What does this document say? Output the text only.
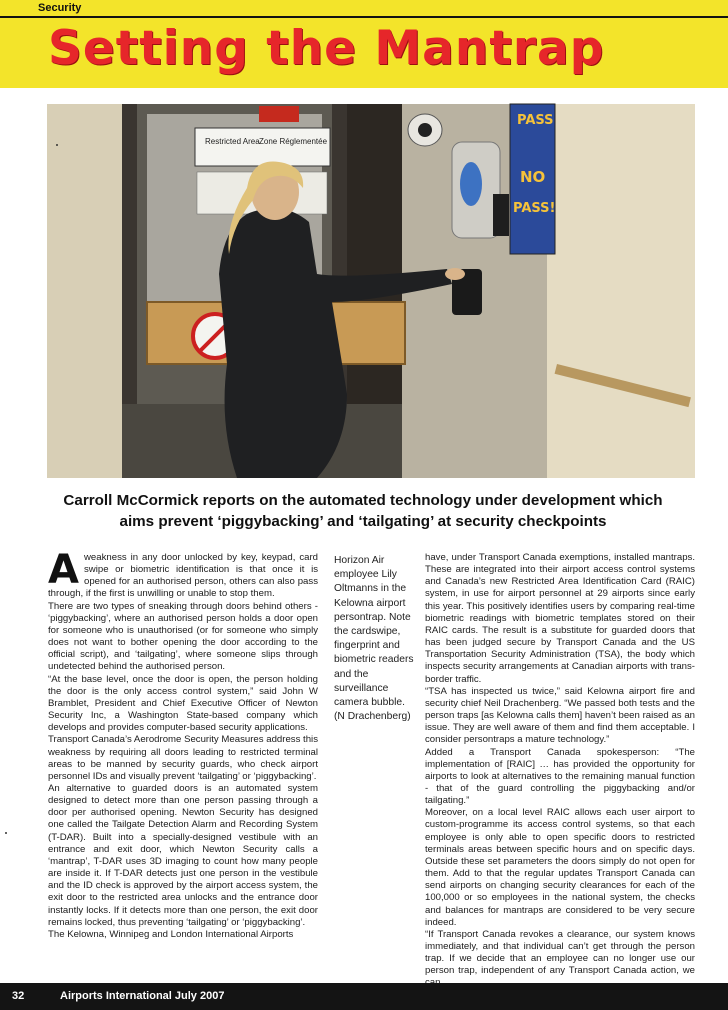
Security
Setting the Mantrap
Restricted Area Zone Réglementée
PASS
NO
PASS!

Carroll McCormick reports on the automated technology under development which aims prevent ‘piggybacking’ and ‘tailgating’ at security checkpoints

Aweakness in any door unlocked by key, keypad, card swipe or biometric identification is that once it is opened for an authorised person, others can also pass through, if the first is unwilling or unable to stop them.

There are two types of sneaking through doors behind others - ‘piggybacking’, where an authorised person holds a door open for someone who is unauthorised (or for someone who simply does not want to bother opening the door according to the official script), and ‘tailgating’, where someone slips through undetected behind the authorised person.

“At the base level, once the door is open, the person holding the door is the only access control system,” said John W Bramblet, President and Chief Executive Officer of Newton Security Inc, a Washington State-based company which develops and provides computer-based security applications.

Transport Canada’s Aerodrome Security Measures address this weakness by requiring all doors leading to restricted terminal areas to be manned by security guards, who check airport personnel IDs and visually prevent ‘tailgating’ or ‘piggybacking’.

An alternative to guarded doors is an automated system designed to detect more than one person passing through a door per authorised opening. Newton Security has designed one called the Tailgate Detection Alarm and Recording System (T-DAR). Built into a specially-designed vestibule with an entrance and exit door, which Newton Security calls a ‘mantrap’, T-DAR uses 3D imaging to count how many people are inside it. If T-DAR detects just one person in the vestibule and the ID check is approved by the airport access system, the exit door to the restricted area unlocks and the entrance door instantly locks. If it detects more than one person, the exit door remains locked, thus preventing ‘tailgating’ or ‘piggybacking’.

The Kelowna, Winnipeg and London International Airports

Horizon Air employee Lily Oltmanns in the Kelowna airport persontrap. Note the cardswipe, fingerprint and biometric readers and the surveillance camera bubble. (N Drachenberg)

have, under Transport Canada exemptions, installed mantraps. These are integrated into their airport access control systems and Canada’s new Restricted Area Identification Card (RAIC) system, in use for airport personnel at 29 airports since early this year. This positively identifies users by comparing real-time biometric readings with biometric templates stored on their RAIC cards. The result is a substitute for guarded doors that has been judged secure by Transport Canada and the US Transportation Security Administration (TSA), the body which inspects security arrangements at Canadian airports with trans-border traffic.

“TSA has inspected us twice,” said Kelowna airport fire and security chief Neil Drachenberg. “We passed both tests and the person traps [as Kelowna calls them] haven’t been raised as an issue. They are well aware of them and find them acceptable. I consider persontraps a mature technology.”

Added a Transport Canada spokesperson: “The implementation of [RAIC] … has provided the opportunity for airports to look at alternatives to the remaining manual function - that of the guard controlling the piggybacking and/or tailgating.”

Moreover, on a local level RAIC allows each user airport to custom-programme its access control systems, so that each employee is only able to open specific doors to restricted terminals areas between specific hours and on specific days. Outside these set parameters the doors simply do not open for them. Add to that the regular updates Transport Canada can send airports on changing security clearances for each of the 100,000 or so employees in the national system, the checks and balances for mantraps are considered to be very secure indeed.

“If Transport Canada revokes a clearance, our system knows immediately, and that individual can’t get through the person trap. If we decide that an employee can no longer use our person trap, independent of any Transport Canada action, we

32	Airports International July 2007
